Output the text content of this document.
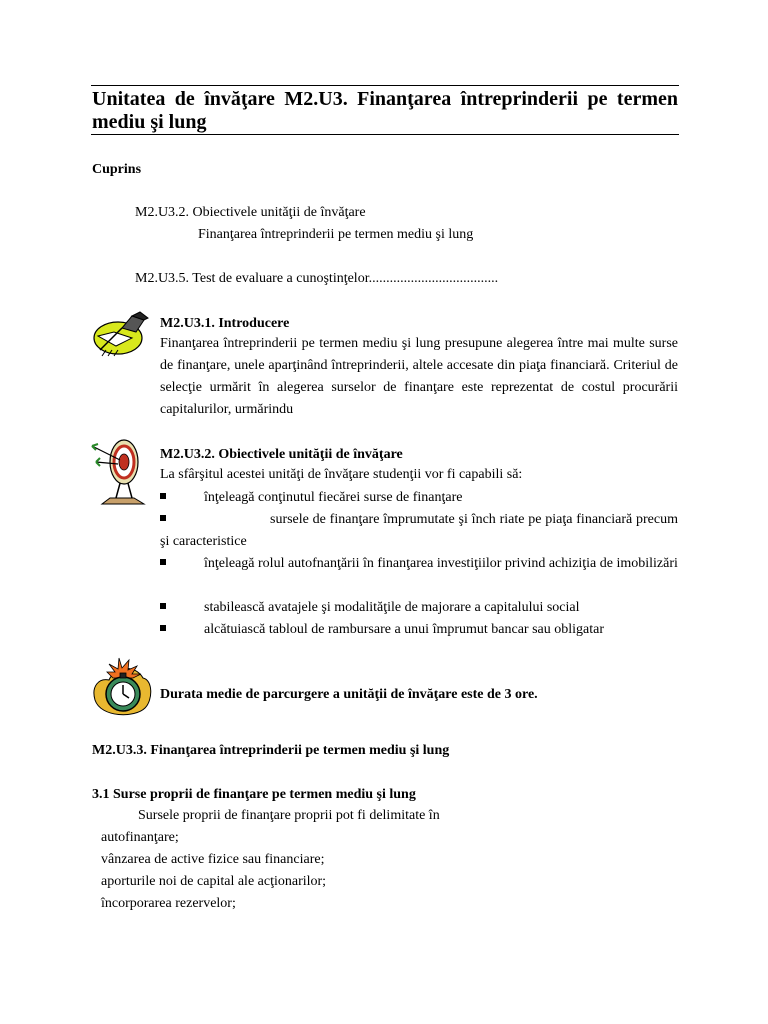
Unitatea de învăţare M2.U3. Finanţarea întreprinderii pe termen mediu şi lung
Cuprins
M2.U3.2. Obiectivele unităţii de învăţare
Finanţarea întreprinderii pe termen mediu şi lung
M2.U3.5. Test de evaluare a cunoştinţelor.....................................
M2.U3.1. Introducere
Finanţarea întreprinderii pe termen mediu şi lung presupune alegerea între mai multe surse de finanţare, unele aparţinând întreprinderii, altele accesate din piaţa financiară. Criteriul de selecţie urmărit în alegerea surselor de finanţare este reprezentat de costul procurării capitalurilor, urmărindu
M2.U3.2. Obiectivele unităţii de învăţare
La sfârşitul acestei unităţi de învăţare studenţii vor fi capabili să:
înţeleagă conţinutul fiecărei surse de finanţare
sursele de finanţare împrumutate şi înch riate pe piaţa financiară precum şi caracteristice
înţeleagă rolul autofnanţării în finanţarea investiţiilor privind achiziţia de imobilizări
stabilească avatajele şi modalităţile de majorare a capitalului social
alcătuiască tabloul de rambursare a unui împrumut bancar sau obligatar
Durata medie de parcurgere a unităţii de învăţare este de 3 ore.
M2.U3.3. Finanţarea întreprinderii pe termen mediu şi lung
3.1 Surse proprii de finanţare pe termen mediu şi lung
Sursele proprii de finanţare proprii pot fi delimitate în
autofinanţare;
vânzarea de active fizice sau financiare;
aporturile noi de capital ale acţionarilor;
încorporarea rezervelor;
